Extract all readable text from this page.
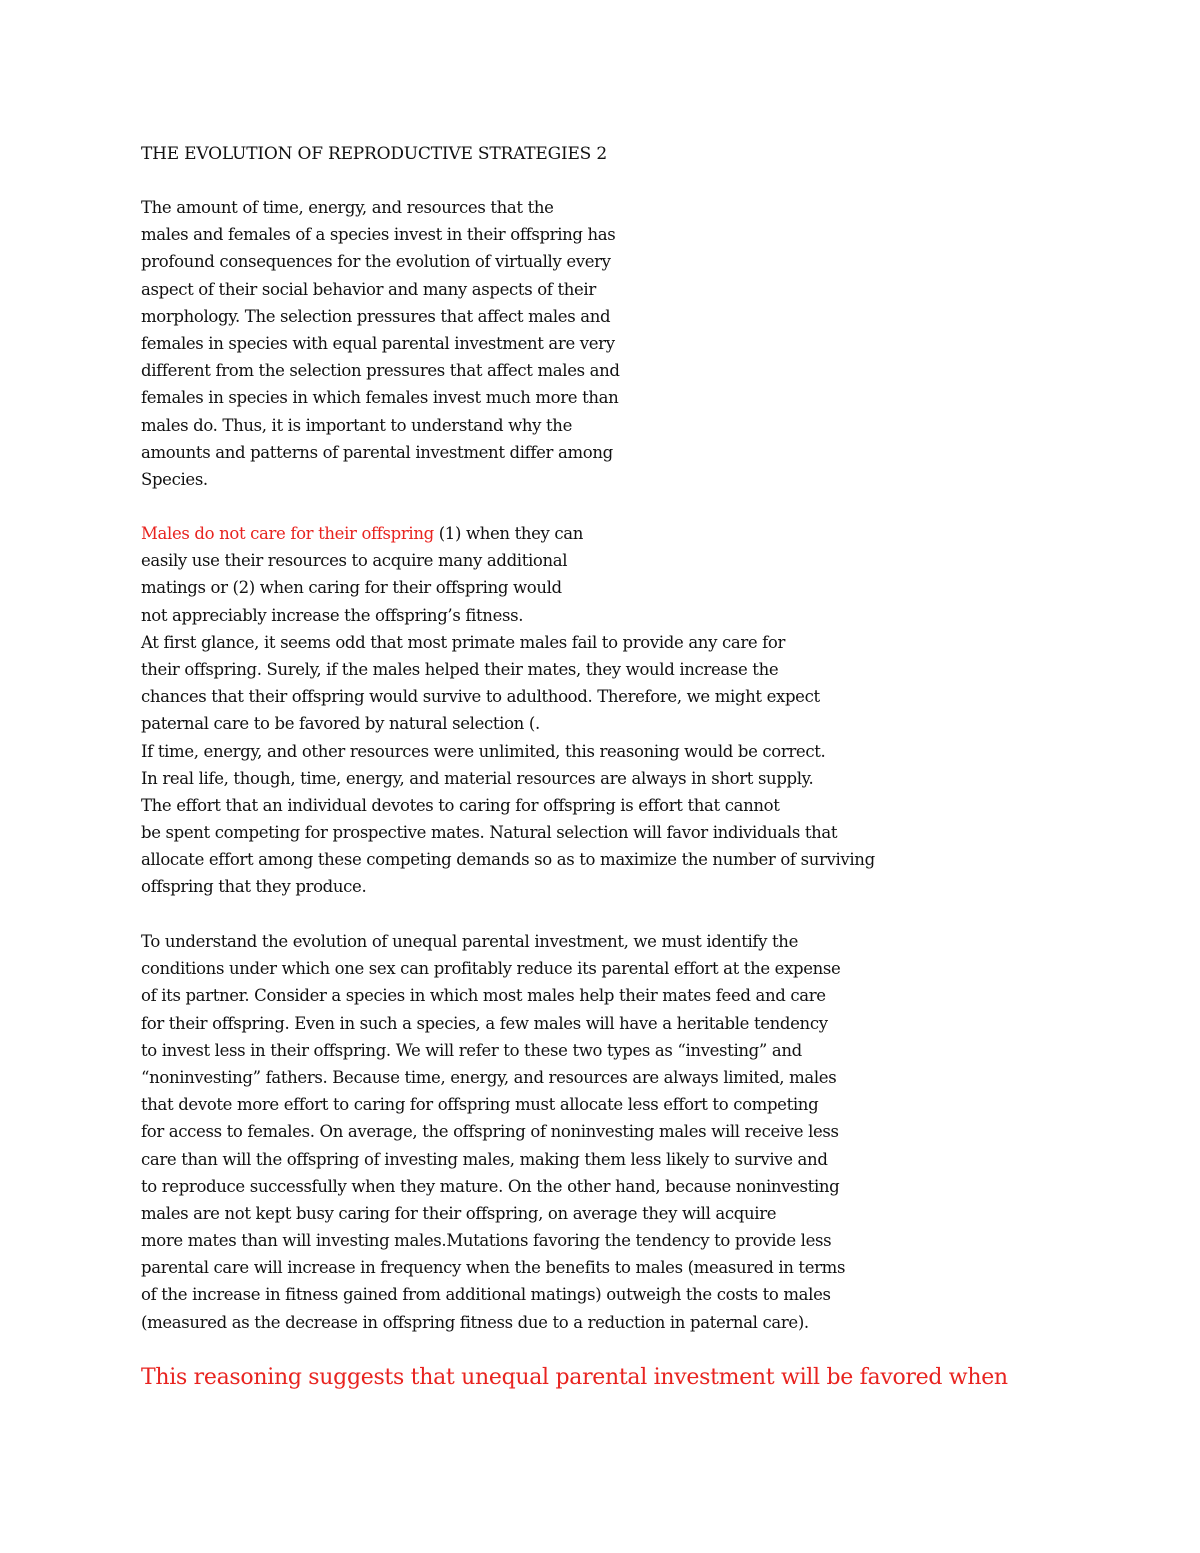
THE EVOLUTION OF REPRODUCTIVE STRATEGIES 2
The amount of time, energy, and resources that the
males and females of a species invest in their offspring has
profound consequences for the evolution of virtually every
aspect of their social behavior and many aspects of their
morphology. The selection pressures that affect males and
females in species with equal parental investment are very
different from the selection pressures that affect males and
females in species in which females invest much more than
males do. Thus, it is important to understand why the
amounts and patterns of parental investment differ among
Species.
Males do not care for their offspring (1) when they can
easily use their resources to acquire many additional
matings or (2) when caring for their offspring would
not appreciably increase the offspring’s fitness.
At first glance, it seems odd that most primate males fail to provide any care for
their offspring. Surely, if the males helped their mates, they would increase the
chances that their offspring would survive to adulthood. Therefore, we might expect
paternal care to be favored by natural selection (.
If time, energy, and other resources were unlimited, this reasoning would be correct.
In real life, though, time, energy, and material resources are always in short supply.
The effort that an individual devotes to caring for offspring is effort that cannot
be spent competing for prospective mates. Natural selection will favor individuals that
allocate effort among these competing demands so as to maximize the number of surviving
offspring that they produce.
To understand the evolution of unequal parental investment, we must identify the
conditions under which one sex can profitably reduce its parental effort at the expense
of its partner. Consider a species in which most males help their mates feed and care
for their offspring. Even in such a species, a few males will have a heritable tendency
to invest less in their offspring. We will refer to these two types as “investing” and
“noninvesting” fathers. Because time, energy, and resources are always limited, males
that devote more effort to caring for offspring must allocate less effort to competing
for access to females. On average, the offspring of noninvesting males will receive less
care than will the offspring of investing males, making them less likely to survive and
to reproduce successfully when they mature. On the other hand, because noninvesting
males are not kept busy caring for their offspring, on average they will acquire
more mates than will investing males.Mutations favoring the tendency to provide less
parental care will increase in frequency when the benefits to males (measured in terms
of the increase in fitness gained from additional matings) outweigh the costs to males
(measured as the decrease in offspring fitness due to a reduction in paternal care).
This reasoning suggests that unequal parental investment will be favored when
